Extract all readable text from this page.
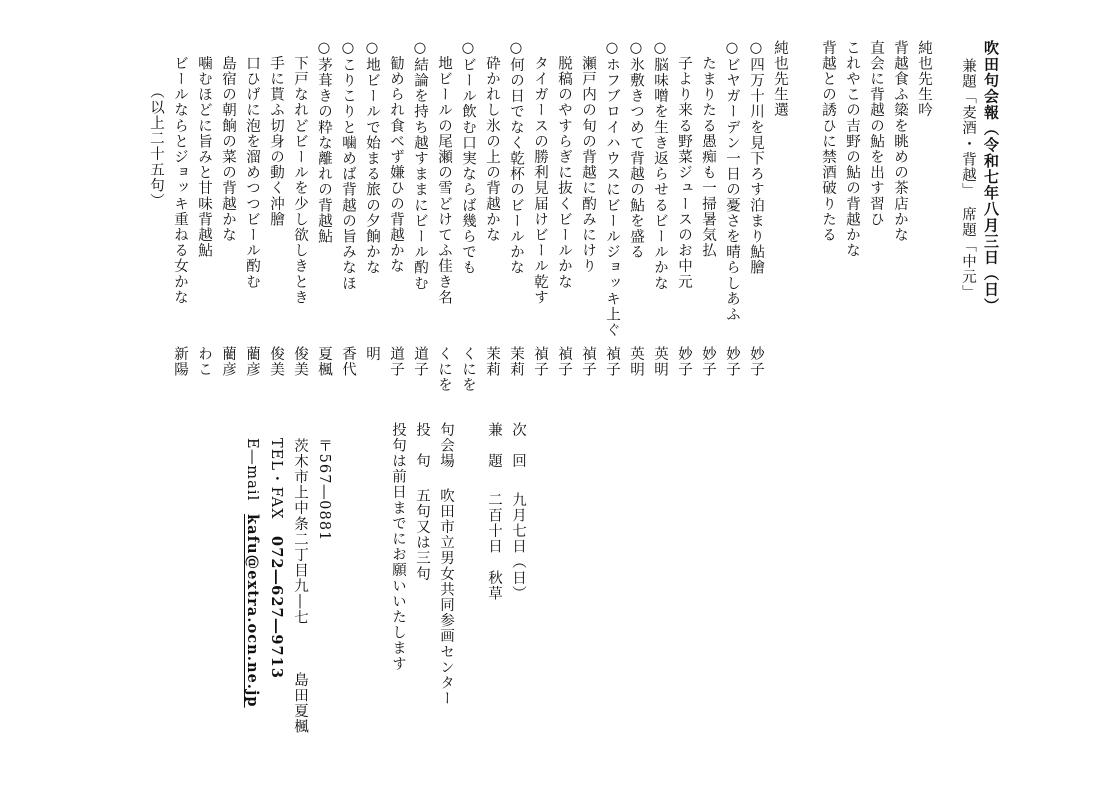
吹田句会報（令和七年八月三日（日）
兼題「麦酒・背越」　席題「中元」
純也先生吟
背越食ふ簗を眺めの茶店かな
直会に背越の鮎を出す習ひ
これやこの吉野の鮎の背越かな
背越との誘ひに禁酒破りたる
純也先生選
○四万十川を見下ろす泊まり鮎膾
妙子
○ビヤガーデン一日の憂さを晴らしあふ
妙子
　たまりたる愚痴も一掃暑気払
妙子
　子より来る野菜ジュースのお中元
妙子
○脳味噌を生き返らせるビールかな
英明
○氷敷きつめて背越の鮎を盛る
英明
○ホフブロイハウスにビールジョッキ上ぐ
禎子
　瀬戸内の旬の背越に酌みにけり
禎子
　脱稿のやすらぎに抜くビールかな
禎子
　タイガースの勝利見届けビール乾す
禎子
○何の日でなく乾杯のビールかな
茉莉
　砕かれし氷の上の背越かな
茉莉
○ビール飲む口実ならば幾らでも
くにを
　地ビールの尾瀬の雪どけてふ佳き名
くにを
○結論を持ち越すままにビール酌む
道子
　勧められ食べず嫌ひの背越かな
道子
○地ビールで始まる旅の夕餉かな
明
○こりこりと噛めば背越の旨みなほ
香代
○茅葺きの粋な離れの背越鮎
夏楓
　下戸なれどビールを少し欲しきとき
俊美
　手に貰ふ切身の動く沖膾
俊美
　口ひげに泡を溜めつつビール酌む
藺彦
　島宿の朝餉の菜の背越かな
藺彦
　噛むほどに旨みと甘味背越鮎
わこ
　ビールならとジョッキ重ねる女かな
新陽
（以上二十五句）
次　回
九月七日（日）
兼　題
二百十日　秋草
句会場
吹田市立男女共同参画センター
投　句
五句又は三句
投句は前日までにお願いいたします
〒567―0881
茨木市上中条二丁目九―七
島田夏楓
TEL・FAX
072―627―9713
E―mail
kafu@extra.ocn.ne.jp
